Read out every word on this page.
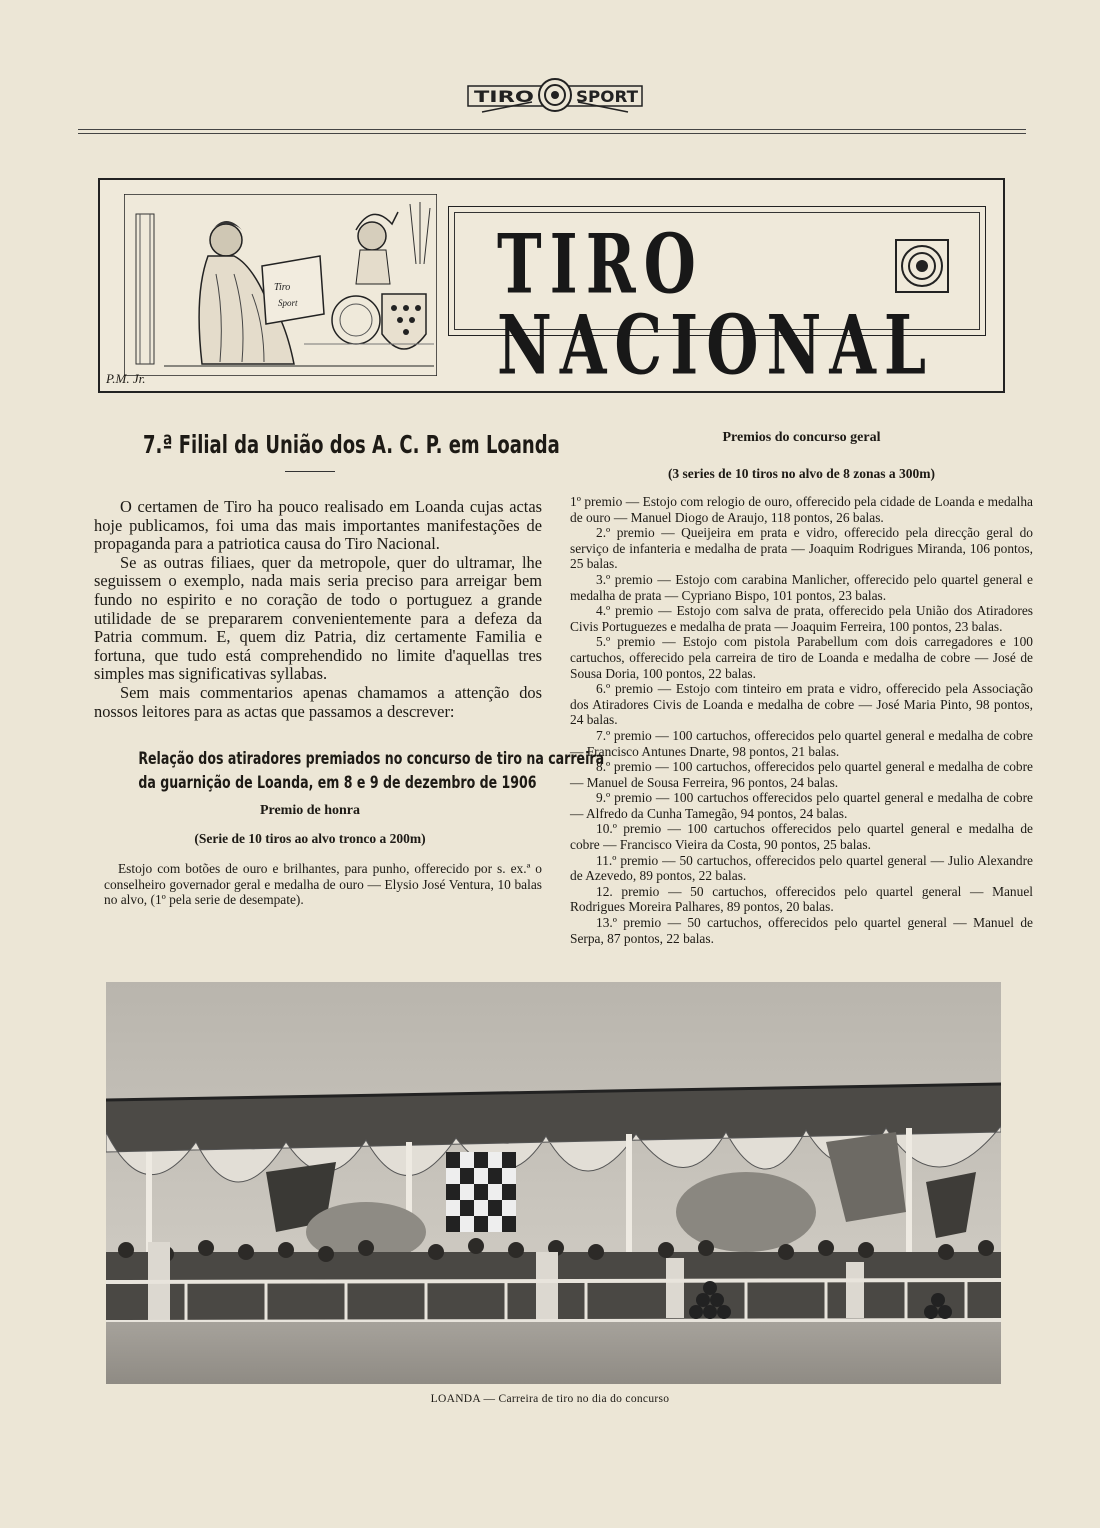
TIRO	SPORT
Tiro
Sport
P.M. Jr.
TIRO NACIONAL
7.ª Filial da União dos A. C. P. em Loanda

O certamen de Tiro ha pouco realisado em Loanda cujas actas hoje publicamos, foi uma das mais importantes manifestações de propaganda para a patriotica causa do Tiro Nacional.

Se as outras filiaes, quer da metropole, quer do ultramar, lhe seguissem o exemplo, nada mais seria preciso para arreigar bem fundo no espirito e no coração de todo o portuguez a grande utilidade de se prepararem convenientemente para a defeza da Patria commum. E, quem diz Patria, diz certamente Familia e fortuna, que tudo está comprehendido no limite d'aquellas tres simples mas significativas syllabas.

Sem mais commentarios apenas chamamos a attenção dos nossos leitores para as actas que passamos a descrever:

Relação dos atiradores premiados no concurso de tiro na carreira
da guarnição de Loanda, em 8 e 9 de dezembro de 1906
Premio de honra
(Serie de 10 tiros ao alvo tronco a 200m)
Estojo com botões de ouro e brilhantes, para punho, offerecido por s. ex.ª o conselheiro governador geral e medalha de ouro — Elysio José Ventura, 10 balas no alvo, (1º pela serie de desempate).
Premios do concurso geral
(3 series de 10 tiros no alvo de 8 zonas a 300m)

1º premio — Estojo com relogio de ouro, offerecido pela cidade de Loanda e medalha de ouro — Manuel Diogo de Araujo, 118 pontos, 26 balas.

2.º premio — Queijeira em prata e vidro, offerecido pela direcção geral do serviço de infanteria e medalha de prata — Joaquim Rodrigues Miranda, 106 pontos, 25 balas.

3.º premio — Estojo com carabina Manlicher, offerecido pelo quartel general e medalha de prata — Cypriano Bispo, 101 pontos, 23 balas.

4.º premio — Estojo com salva de prata, offerecido pela União dos Atiradores Civis Portuguezes e medalha de prata — Joaquim Ferreira, 100 pontos, 23 balas.

5.º premio — Estojo com pistola Parabellum com dois carregadores e 100 cartuchos, offerecido pela carreira de tiro de Loanda e medalha de cobre — José de Sousa Doria, 100 pontos, 22 balas.

6.º premio — Estojo com tinteiro em prata e vidro, offerecido pela Associação dos Atiradores Civis de Loanda e medalha de cobre — José Maria Pinto, 98 pontos, 24 balas.

7.º premio — 100 cartuchos, offerecidos pelo quartel general e medalha de cobre — Francisco Antunes Dnarte, 98 pontos, 21 balas.

8.º premio — 100 cartuchos, offerecidos pelo quartel general e medalha de cobre — Manuel de Sousa Ferreira, 96 pontos, 24 balas.

9.º premio — 100 cartuchos offerecidos pelo quartel general e medalha de cobre — Alfredo da Cunha Tamegão, 94 pontos, 24 balas.

10.º premio — 100 cartuchos offerecidos pelo quartel general e medalha de cobre — Francisco Vieira da Costa, 90 pontos, 25 balas.

11.º premio — 50 cartuchos, offerecidos pelo quartel general — Julio Alexandre de Azevedo, 89 pontos, 22 balas.

12. premio — 50 cartuchos, offerecidos pelo quartel general — Manuel Rodrigues Moreira Palhares, 89 pontos, 20 balas.

13.º premio — 50 cartuchos, offerecidos pelo quartel general — Manuel de Serpa, 87 pontos, 22 balas.

LOANDA — Carreira de tiro no dia do concurso
